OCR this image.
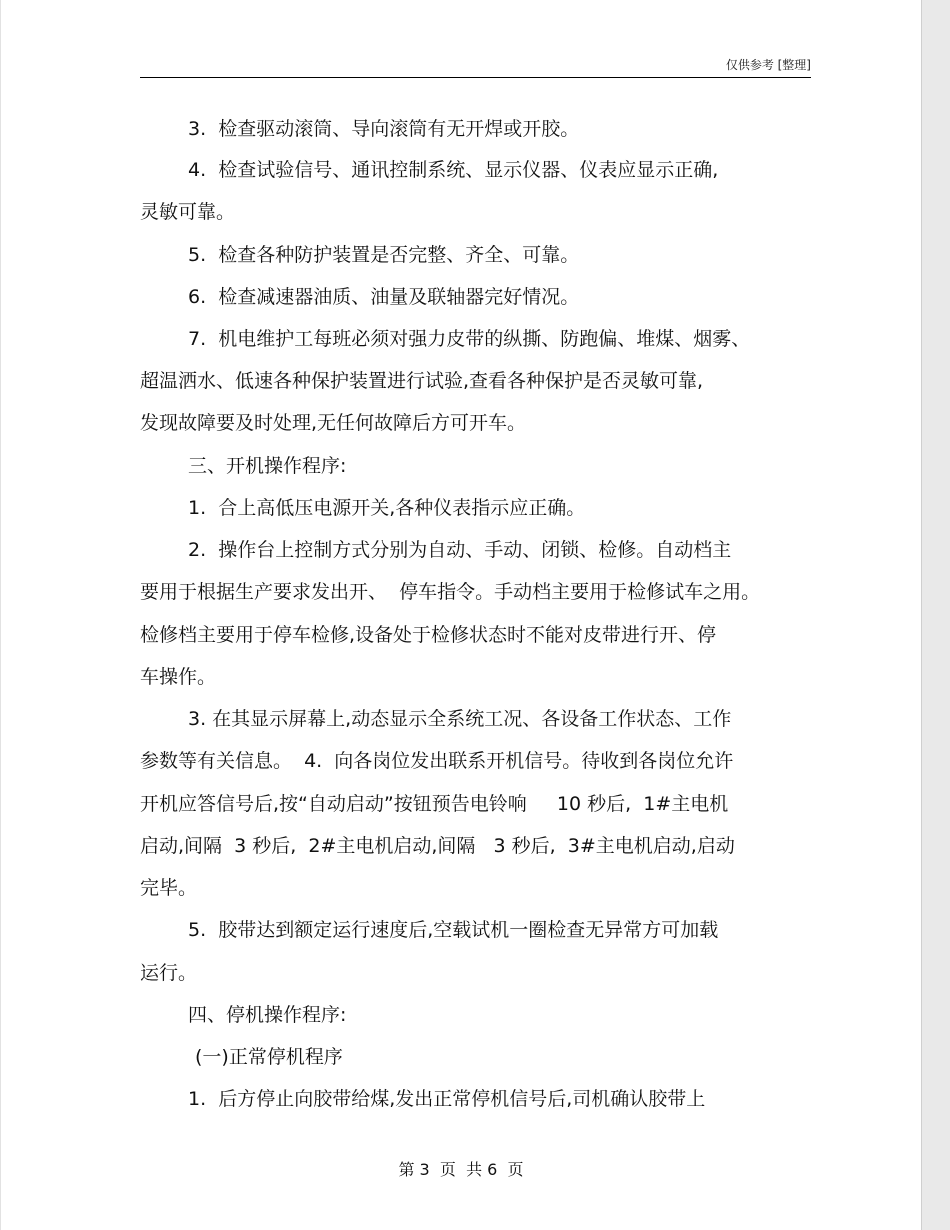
仅供参考 [整理]
3.  检查驱动滚筒、导向滚筒有无开焊或开胶。
4.  检查试验信号、通讯控制系统、显示仪器、仪表应显示正确,
灵敏可靠。
5.  检查各种防护装置是否完整、齐全、可靠。
6.  检查减速器油质、油量及联轴器完好情况。
7.  机电维护工每班必须对强力皮带的纵撕、防跑偏、堆煤、烟雾、
超温洒水、低速各种保护装置进行试验,查看各种保护是否灵敏可靠,
发现故障要及时处理,无任何故障后方可开车。
三、开机操作程序:
1.  合上高低压电源开关,各种仪表指示应正确。
2.  操作台上控制方式分别为自动、手动、闭锁、检修。自动档主
要用于根据生产要求发出开、  停车指令。手动档主要用于检修试车之用。
检修档主要用于停车检修,设备处于检修状态时不能对皮带进行开、停
车操作。
3. 在其显示屏幕上,动态显示全系统工况、各设备工作状态、工作
参数等有关信息。  4.  向各岗位发出联系开机信号。待收到各岗位允许
开机应答信号后,按“自动启动”按钮预告电铃响     10 秒后,  1#主电机
启动,间隔  3 秒后,  2#主电机启动,间隔   3 秒后,  3#主电机启动,启动
完毕。
5.  胶带达到额定运行速度后,空载试机一圈检查无异常方可加载
运行。
四、停机操作程序:
(一)正常停机程序
1.  后方停止向胶带给煤,发出正常停机信号后,司机确认胶带上
第 3  页  共 6  页
